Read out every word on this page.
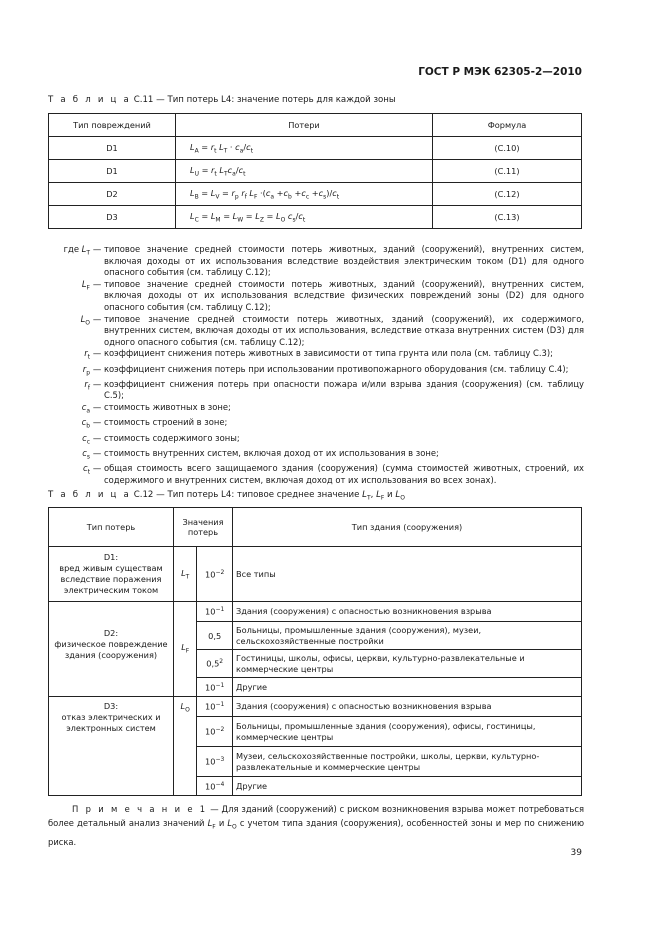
ГОСТ Р МЭК 62305-2—2010
Т а б л и ц а С.11 — Тип потерь L4: значение потерь для каждой зоны
Тип повреждений	Потери	Формула
D1	$L_A = r_t$ $L_T \cdot c_a/c_t$	(C.10)
D1	$L_U = r_t$ $L_Tc_a/c_t$	(C.11)
D2	$L_B = L_V = r_p$ $r_f$ $L_F \cdot(c_a +c_b +c_c +c_s)/c_t$	(C.12)
D3	$L_C = L_M = L_W = L_Z = L_O$ $c_s/c_t$	(C.13)
где $L_T$ — типовое значение средней стоимости потерь животных, зданий (сооружений), внутренних систем, включая доходы от их использования вследствие воздействия электрическим током (D1) для одного опасного события (см. таблицу С.12);
$L_F$ — типовое значение средней стоимости потерь животных, зданий (сооружений), внутренних систем, включая доходы от их использования вследствие физических повреждений зоны (D2) для одного опасного события (см. таблицу С.12);
$L_O$ — типовое значение средней стоимости потерь животных, зданий (сооружений), их содержимого, внутренних систем, включая доходы от их использования, вследствие отказа внутренних систем (D3) для одного опасного события (см. таблицу С.12);
$r_t$ — коэффициент снижения потерь животных в зависимости от типа грунта или пола (см. таблицу С.3);
$r_p$ — коэффициент снижения потерь при использовании противопожарного оборудования (см. таблицу С.4);
$r_f$ — коэффициент снижения потерь при опасности пожара и/или взрыва здания (сооружения) (см. таблицу С.5);
$c_a$ — стоимость животных в зоне;
$c_b$ — стоимость строений в зоне;
$c_c$ — стоимость содержимого зоны;
$c_s$ — стоимость внутренних систем, включая доход от их использования в зоне;
$c_t$ — общая стоимость всего защищаемого здания (сооружения) (сумма стоимостей животных, строений, их содержимого и внутренних систем, включая доход от их использования во всех зонах).
Т а б л и ц а С.12 — Тип потерь L4: типовое среднее значение $L_T$, $L_F$ и $L_O$
Тип потерь	Значения потерь		Тип здания (сооружения)
D1:
вред живым существам вследствие поражения электрическим током	$L_T$	$10^{-2}$	Все типы
D2:
физическое повреждение здания (сооружения)	$L_F$	$10^{-1}$	Здания (сооружения) с опасностью возникновения взрыва
		0,5	Больницы, промышленные здания (сооружения), музеи, сельскохозяйственные постройки
		$0,5^2$	Гостиницы, школы, офисы, церкви, культурно-развлекательные и коммерческие центры
		$10^{-1}$	Другие
D3:
отказ электрических и электронных систем	$L_O$	$10^{-1}$	Здания (сооружения) с опасностью возникновения взрыва
		$10^{-2}$	Больницы, промышленные здания (сооружения), офисы, гостиницы, коммерческие центры
		$10^{-3}$	Музеи, сельскохозяйственные постройки, школы, церкви, культурно-развлекательные и коммерческие центры
		$10^{-4}$	Другие
П р и м е ч а н и е 1 — Для зданий (сооружений) с риском возникновения взрыва может потребоваться более детальный анализ значений $L_F$ и $L_O$ с учетом типа здания (сооружения), особенностей зоны и мер по снижению риска.
39
